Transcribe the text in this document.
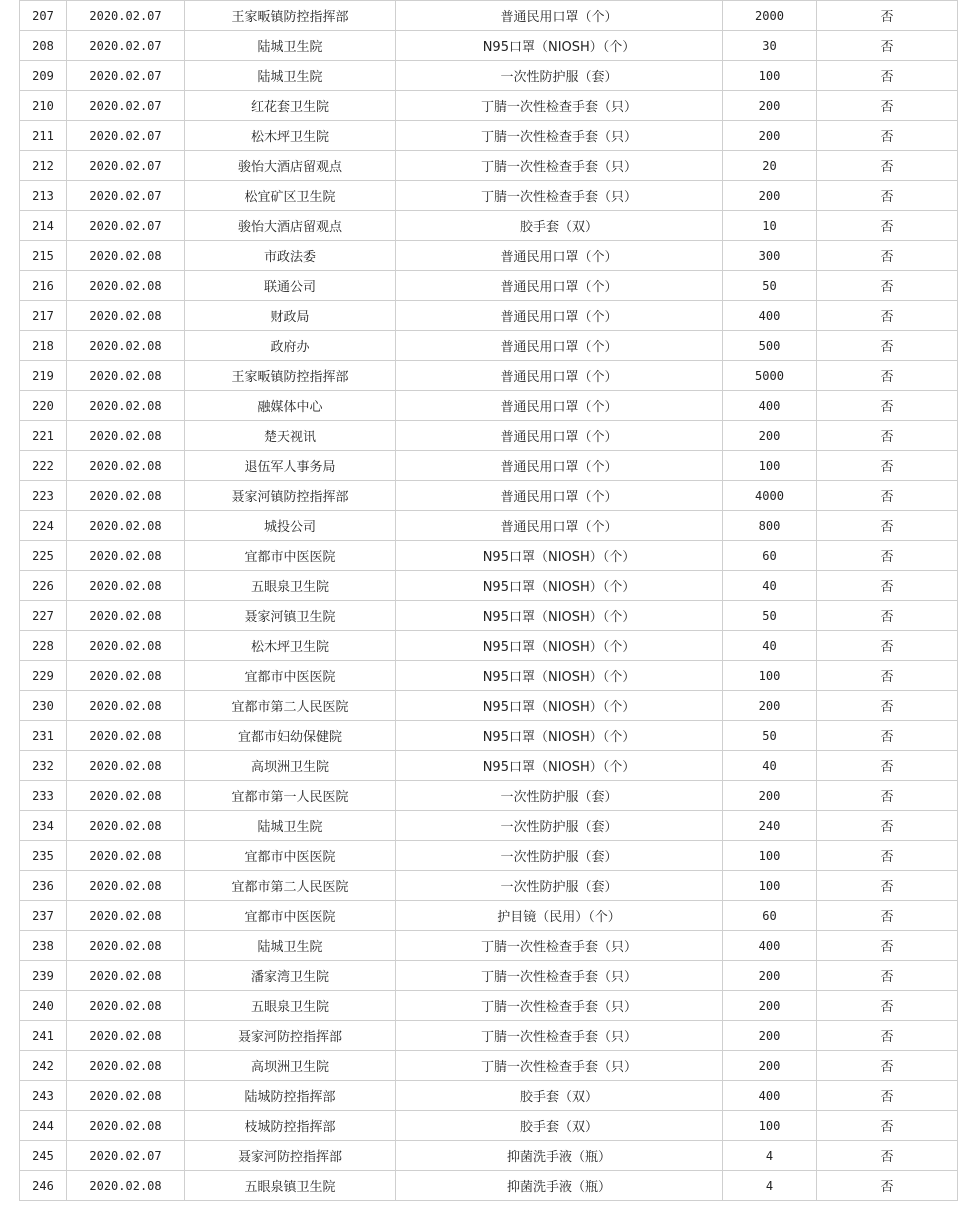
207	2020.02.07	王家畈镇防控指挥部	普通民用口罩（个）	2000	否
208	2020.02.07	陆城卫生院	N95口罩（NIOSH）（个）	30	否
209	2020.02.07	陆城卫生院	一次性防护服（套）	100	否
210	2020.02.07	红花套卫生院	丁腈一次性检查手套（只）	200	否
211	2020.02.07	松木坪卫生院	丁腈一次性检查手套（只）	200	否
212	2020.02.07	骏怡大酒店留观点	丁腈一次性检查手套（只）	20	否
213	2020.02.07	松宜矿区卫生院	丁腈一次性检查手套（只）	200	否
214	2020.02.07	骏怡大酒店留观点	胶手套（双）	10	否
215	2020.02.08	市政法委	普通民用口罩（个）	300	否
216	2020.02.08	联通公司	普通民用口罩（个）	50	否
217	2020.02.08	财政局	普通民用口罩（个）	400	否
218	2020.02.08	政府办	普通民用口罩（个）	500	否
219	2020.02.08	王家畈镇防控指挥部	普通民用口罩（个）	5000	否
220	2020.02.08	融媒体中心	普通民用口罩（个）	400	否
221	2020.02.08	楚天视讯	普通民用口罩（个）	200	否
222	2020.02.08	退伍军人事务局	普通民用口罩（个）	100	否
223	2020.02.08	聂家河镇防控指挥部	普通民用口罩（个）	4000	否
224	2020.02.08	城投公司	普通民用口罩（个）	800	否
225	2020.02.08	宜都市中医医院	N95口罩（NIOSH）（个）	60	否
226	2020.02.08	五眼泉卫生院	N95口罩（NIOSH）（个）	40	否
227	2020.02.08	聂家河镇卫生院	N95口罩（NIOSH）（个）	50	否
228	2020.02.08	松木坪卫生院	N95口罩（NIOSH）（个）	40	否
229	2020.02.08	宜都市中医医院	N95口罩（NIOSH）（个）	100	否
230	2020.02.08	宜都市第二人民医院	N95口罩（NIOSH）（个）	200	否
231	2020.02.08	宜都市妇幼保健院	N95口罩（NIOSH）（个）	50	否
232	2020.02.08	高坝洲卫生院	N95口罩（NIOSH）（个）	40	否
233	2020.02.08	宜都市第一人民医院	一次性防护服（套）	200	否
234	2020.02.08	陆城卫生院	一次性防护服（套）	240	否
235	2020.02.08	宜都市中医医院	一次性防护服（套）	100	否
236	2020.02.08	宜都市第二人民医院	一次性防护服（套）	100	否
237	2020.02.08	宜都市中医医院	护目镜（民用）（个）	60	否
238	2020.02.08	陆城卫生院	丁腈一次性检查手套（只）	400	否
239	2020.02.08	潘家湾卫生院	丁腈一次性检查手套（只）	200	否
240	2020.02.08	五眼泉卫生院	丁腈一次性检查手套（只）	200	否
241	2020.02.08	聂家河防控指挥部	丁腈一次性检查手套（只）	200	否
242	2020.02.08	高坝洲卫生院	丁腈一次性检查手套（只）	200	否
243	2020.02.08	陆城防控指挥部	胶手套（双）	400	否
244	2020.02.08	枝城防控指挥部	胶手套（双）	100	否
245	2020.02.07	聂家河防控指挥部	抑菌洗手液（瓶）	4	否
246	2020.02.08	五眼泉镇卫生院	抑菌洗手液（瓶）	4	否
